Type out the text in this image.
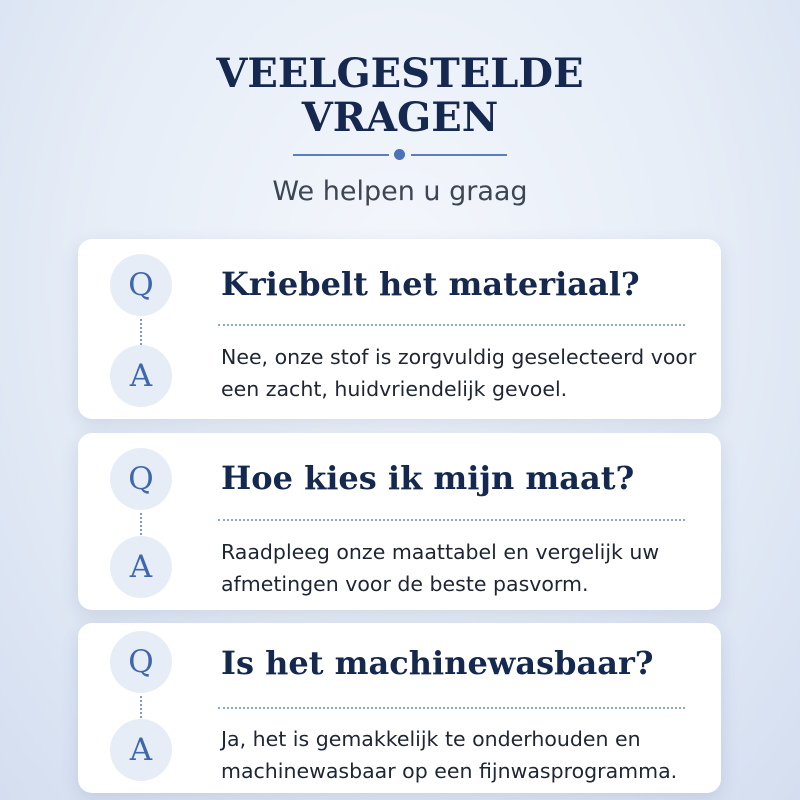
VEELGESTELDE
VRAGEN
We helpen u graag
Q
A
Kriebelt het materiaal?

Nee, onze stof is zorgvuldig geselecteerd voor een zacht, huidvriendelijk gevoel.

Q
A
Hoe kies ik mijn maat?

Raadpleeg onze maattabel en vergelijk uw afmetingen voor de beste pasvorm.

Q
A
Is het machinewasbaar?

Ja, het is gemakkelijk te onderhouden en machinewasbaar op een fijnwasprogramma.
